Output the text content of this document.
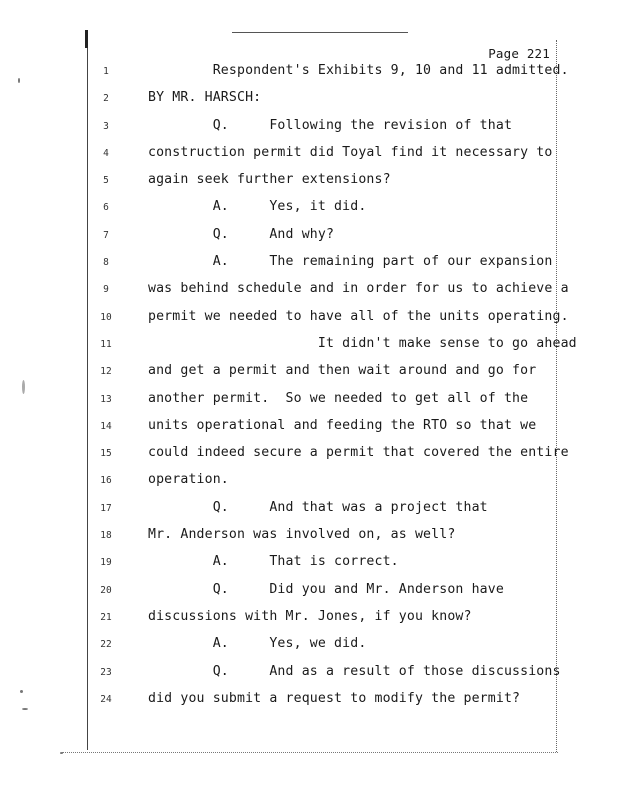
Page 221
1	Respondent's Exhibits 9, 10 and 11 admitted.
2	BY MR. HARSCH:
3	Q.     Following the revision of that
4	construction permit did Toyal find it necessary to
5	again seek further extensions?
6	A.     Yes, it did.
7	Q.     And why?
8	A.     The remaining part of our expansion
9	was behind schedule and in order for us to achieve a
10	permit we needed to have all of the units operating.
11	It didn't make sense to go ahead
12	and get a permit and then wait around and go for
13	another permit.  So we needed to get all of the
14	units operational and feeding the RTO so that we
15	could indeed secure a permit that covered the entire
16	operation.
17	Q.     And that was a project that
18	Mr. Anderson was involved on, as well?
19	A.     That is correct.
20	Q.     Did you and Mr. Anderson have
21	discussions with Mr. Jones, if you know?
22	A.     Yes, we did.
23	Q.     And as a result of those discussions
24	did you submit a request to modify the permit?
